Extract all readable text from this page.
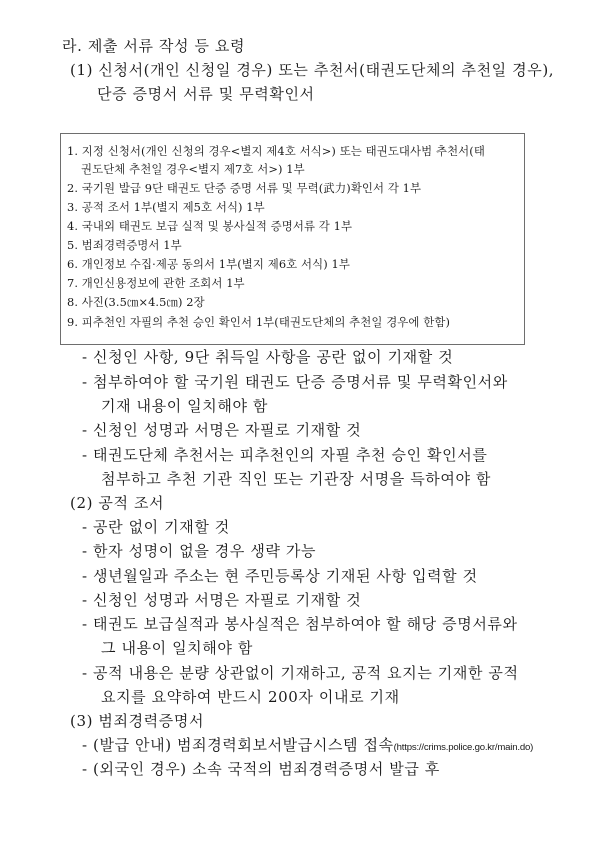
라. 제출 서류 작성 등 요령
(1) 신청서(개인 신청일 경우) 또는 추천서(태권도단체의 추천일 경우),
단증 증명서 서류 및 무력확인서
1. 지정 신청서(개인 신청의 경우<별지 제4호 서식>) 또는 태권도대사범 추천서(태
권도단체 추천일 경우<별지 제7호 서>) 1부
2. 국기원 발급 9단 태권도 단증 증명 서류 및 무력(武力)확인서 각 1부
3. 공적 조서 1부(별지 제5호 서식) 1부
4. 국내외 태권도 보급 실적 및 봉사실적 증명서류 각 1부
5. 범죄경력증명서 1부
6. 개인정보 수집·제공 동의서 1부(별지 제6호 서식) 1부
7. 개인신용정보에 관한 조회서 1부
8. 사진(3.5㎝×4.5㎝) 2장
9. 피추천인 자필의 추천 승인 확인서 1부(태권도단체의 추천일 경우에 한함)
- 신청인 사항, 9단 취득일 사항을 공란 없이 기재할 것
- 첨부하여야 할 국기원 태권도 단증 증명서류 및 무력확인서와
기재 내용이 일치해야 함
- 신청인 성명과 서명은 자필로 기재할 것
- 태권도단체 추천서는 피추천인의 자필 추천 승인 확인서를
첨부하고 추천 기관 직인 또는 기관장 서명을 득하여야 함
(2) 공적 조서
- 공란 없이 기재할 것
- 한자 성명이 없을 경우 생략 가능
- 생년월일과 주소는 현 주민등록상 기재된 사항 입력할 것
- 신청인 성명과 서명은 자필로 기재할 것
- 태권도 보급실적과 봉사실적은 첨부하여야 할 해당 증명서류와
그 내용이 일치해야 함
- 공적 내용은 분량 상관없이 기재하고, 공적 요지는 기재한 공적
요지를 요약하여 반드시 200자 이내로 기재
(3) 범죄경력증명서
- (발급 안내) 범죄경력회보서발급시스템 접속(https://crims.police.go.kr/main.do)
- (외국인 경우) 소속 국적의 범죄경력증명서 발급 후
